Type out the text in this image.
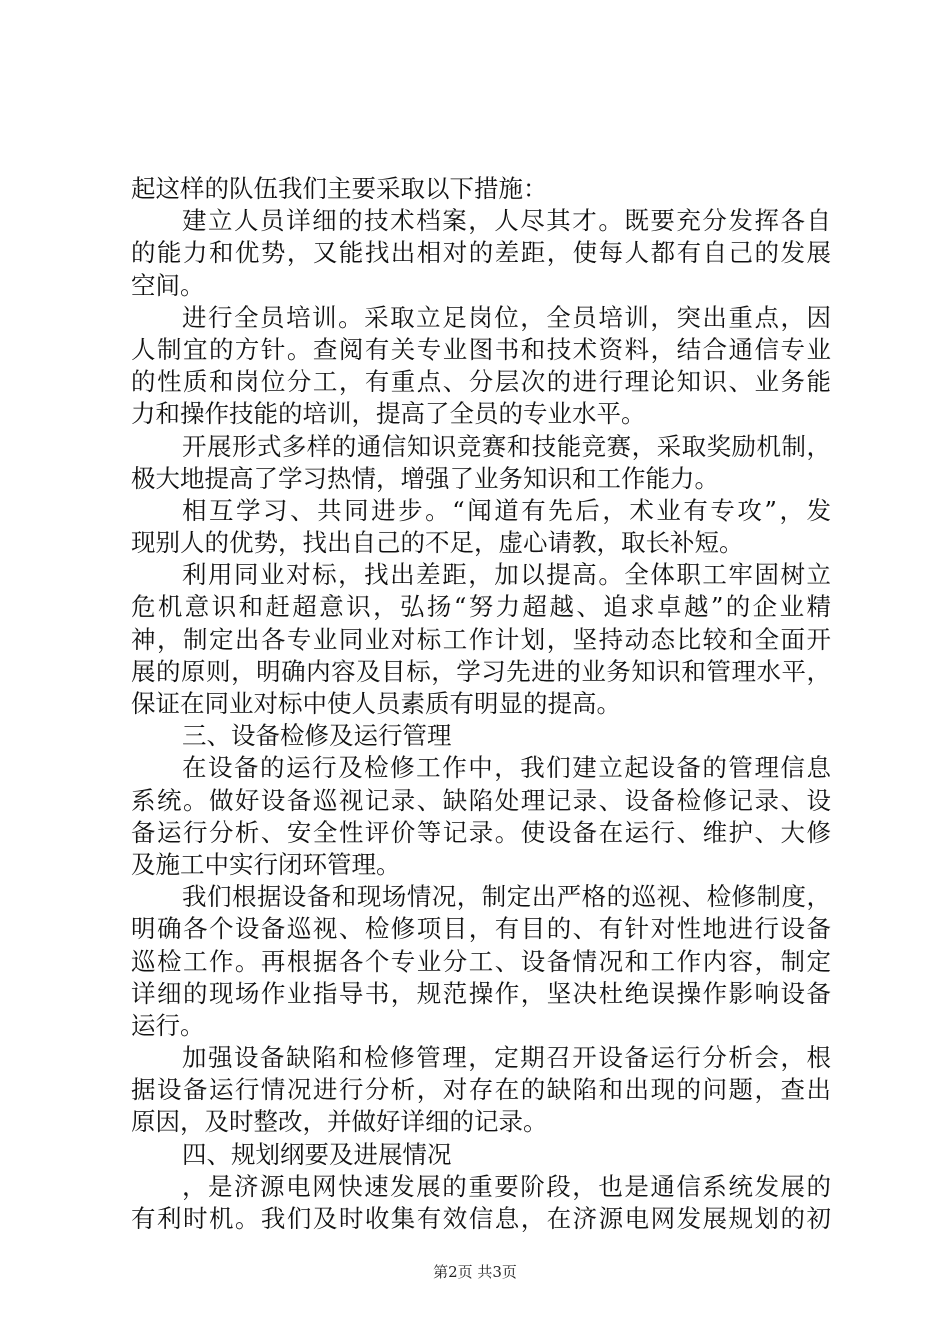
起这样的队伍我们主要采取以下措施：
建立人员详细的技术档案，人尽其才。既要充分发挥各自
的能力和优势，又能找出相对的差距，使每人都有自己的发展
空间。
进行全员培训。采取立足岗位，全员培训，突出重点，因
人制宜的方针。查阅有关专业图书和技术资料，结合通信专业
的性质和岗位分工，有重点、分层次的进行理论知识、业务能
力和操作技能的培训，提高了全员的专业水平。
开展形式多样的通信知识竞赛和技能竞赛，采取奖励机制，
极大地提高了学习热情，增强了业务知识和工作能力。
相互学习、共同进步。“闻道有先后，术业有专攻”，发
现别人的优势，找出自己的不足，虚心请教，取长补短。
利用同业对标，找出差距，加以提高。全体职工牢固树立
危机意识和赶超意识，弘扬“努力超越、追求卓越”的企业精
神，制定出各专业同业对标工作计划，坚持动态比较和全面开
展的原则，明确内容及目标，学习先进的业务知识和管理水平，
保证在同业对标中使人员素质有明显的提高。
三、设备检修及运行管理
在设备的运行及检修工作中，我们建立起设备的管理信息
系统。做好设备巡视记录、缺陷处理记录、设备检修记录、设
备运行分析、安全性评价等记录。使设备在运行、维护、大修
及施工中实行闭环管理。
我们根据设备和现场情况，制定出严格的巡视、检修制度，
明确各个设备巡视、检修项目，有目的、有针对性地进行设备
巡检工作。再根据各个专业分工、设备情况和工作内容，制定
详细的现场作业指导书，规范操作，坚决杜绝误操作影响设备
运行。
加强设备缺陷和检修管理，定期召开设备运行分析会，根
据设备运行情况进行分析，对存在的缺陷和出现的问题，查出
原因，及时整改，并做好详细的记录。
四、规划纲要及进展情况
，是济源电网快速发展的重要阶段，也是通信系统发展的
有利时机。我们及时收集有效信息，在济源电网发展规划的初
第2页 共3页
